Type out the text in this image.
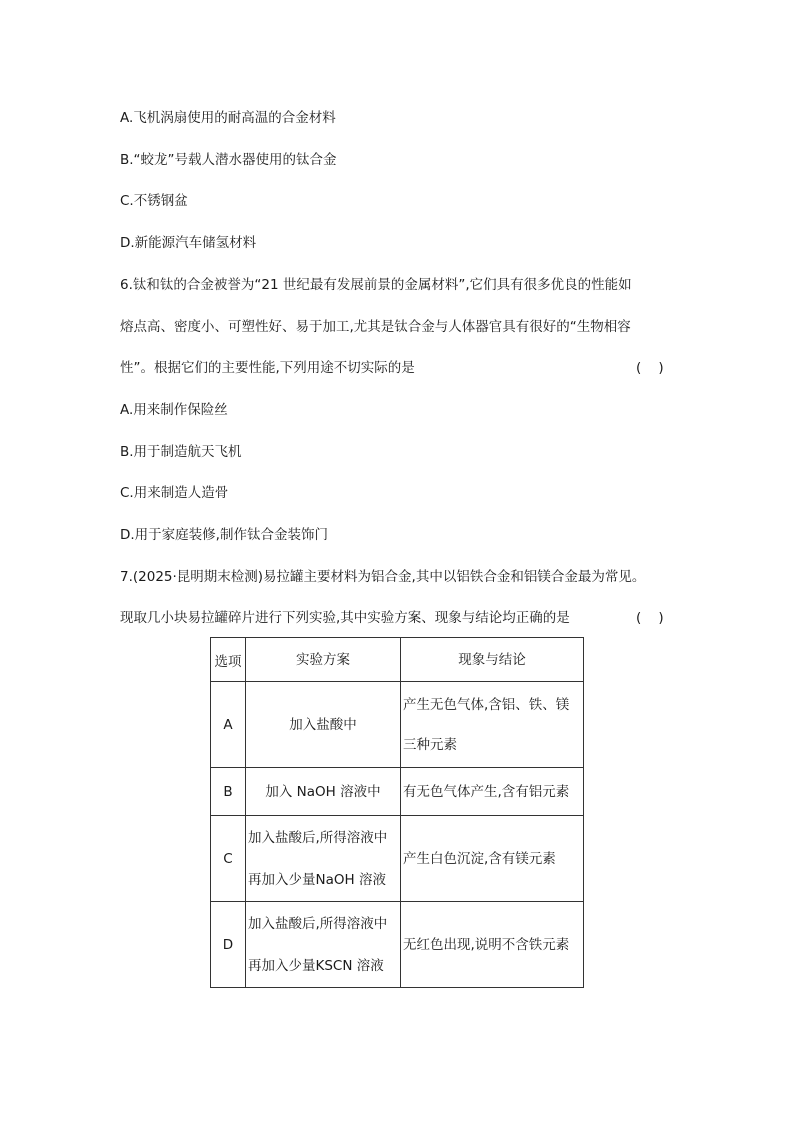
A.飞机涡扇使用的耐高温的合金材料
B.“蛟龙”号载人潜水器使用的钛合金
C.不锈钢盆
D.新能源汽车储氢材料
6.钛和钛的合金被誉为“21 世纪最有发展前景的金属材料”,它们具有很多优良的性能如
熔点高、密度小、可塑性好、易于加工,尤其是钛合金与人体器官具有很好的“生物相容
性”。根据它们的主要性能,下列用途不切实际的是	(    )
A.用来制作保险丝
B.用于制造航天飞机
C.用来制造人造骨
D.用于家庭装修,制作钛合金装饰门
7.(2025·昆明期末检测)易拉罐主要材料为铝合金,其中以铝铁合金和铝镁合金最为常见。
现取几小块易拉罐碎片进行下列实验,其中实验方案、现象与结论均正确的是	(    )
选项	实验方案	现象与结论
A	加入盐酸中	产生无色气体,含铝、铁、镁
三种元素
B	加入 NaOH 溶液中	有无色气体产生,含有铝元素
C	加入盐酸后,所得溶液中
再加入少量NaOH 溶液	产生白色沉淀,含有镁元素
D	加入盐酸后,所得溶液中
再加入少量KSCN 溶液	无红色出现,说明不含铁元素
